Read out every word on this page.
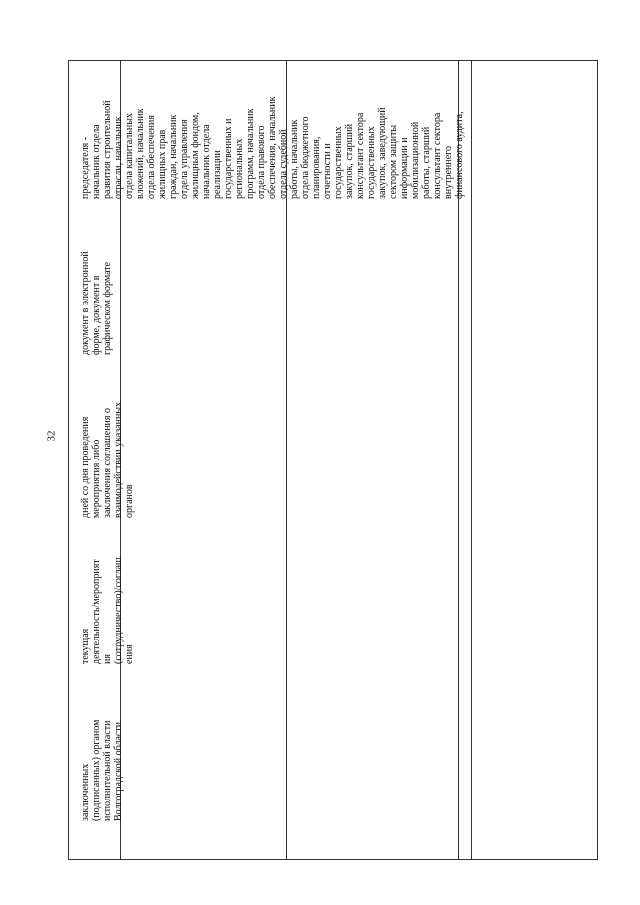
32
заключенных (подписанных) органом исполнительной власти Волгоградской области
текущая деятельность/мероприят ия (сотрудничество)/соглаш ения
дней со дня проведения мероприятия либо заключения соглашения о взаимодействии указанных органов
документ в электронной форме, документ в графическом формате
председателя - начальник отдела развития строительной отрасли, начальник отдела капитальных вложений, начальник отдела обеспечения жилищных прав граждан, начальник отдела управления жилищным фондом, начальник отдела реализации государственных и региональных программ, начальник отдела правового обеспечения, начальник отдела судебной работы, начальник отдела бюджетного планирования, отчетности и государственных закупок, старший консультант сектора государственных закупок, заведующий сектором защиты информации и мобилизационной работы, старший консультант сектора внутреннего финансового аудита,
